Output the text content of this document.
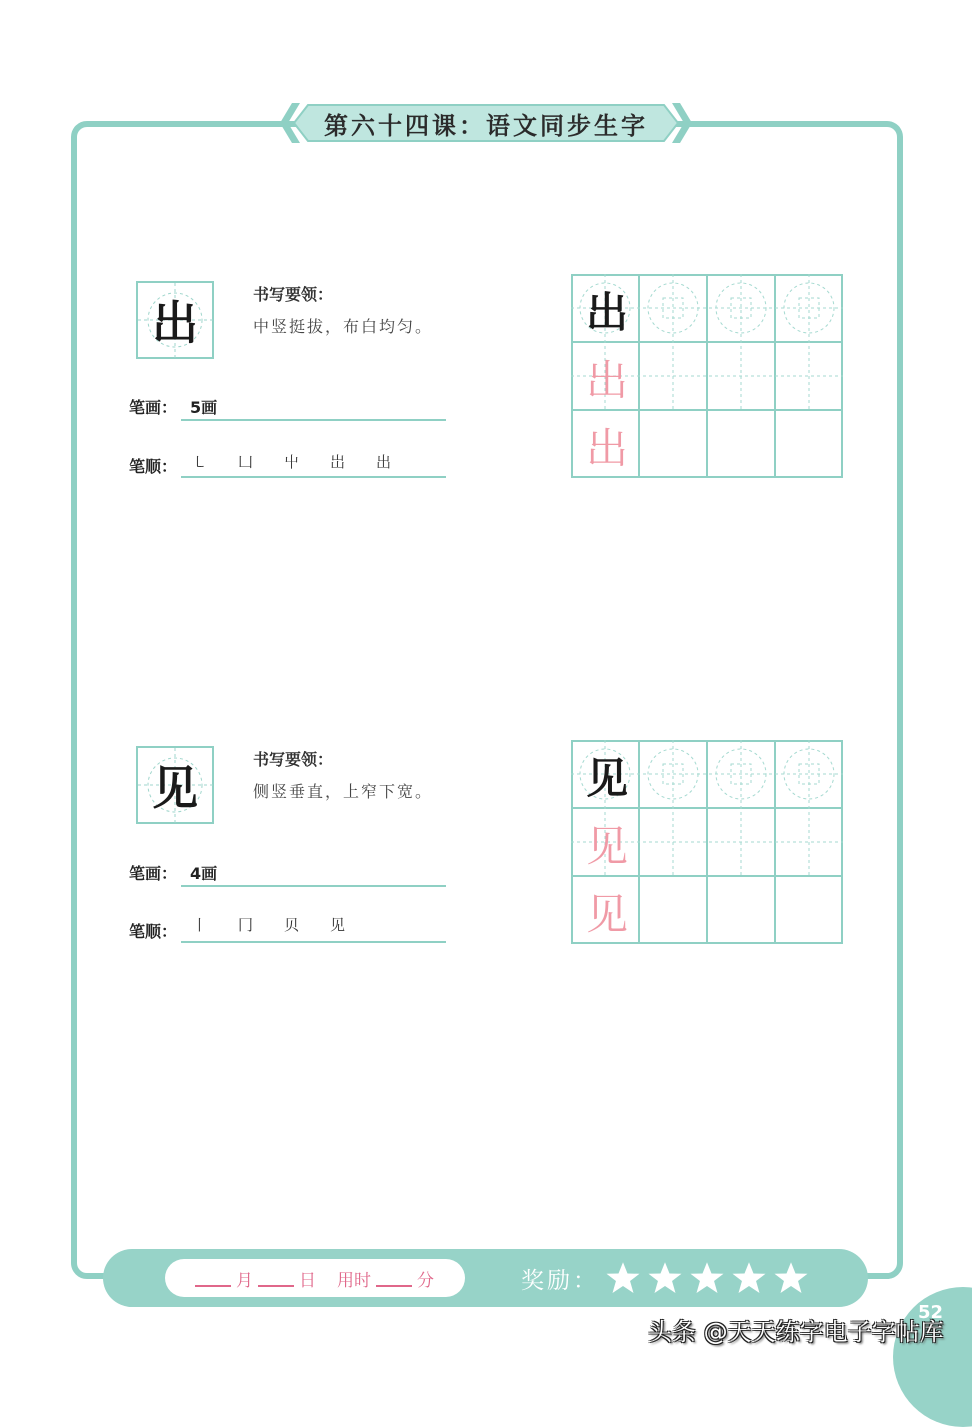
第六十四课：语文同步生字
出
书写要领：
中竖挺拔，布白均匀。
笔画： 5画
笔顺： ㇄	凵	屮	岀	出
出
出
出
见
书写要领：
侧竖垂直，上窄下宽。
笔画： 4画
笔顺： 丨	冂	贝	见
见
见
见
月	日 用时	分	奖励：
52
头条 @天天练字电子字帖库
